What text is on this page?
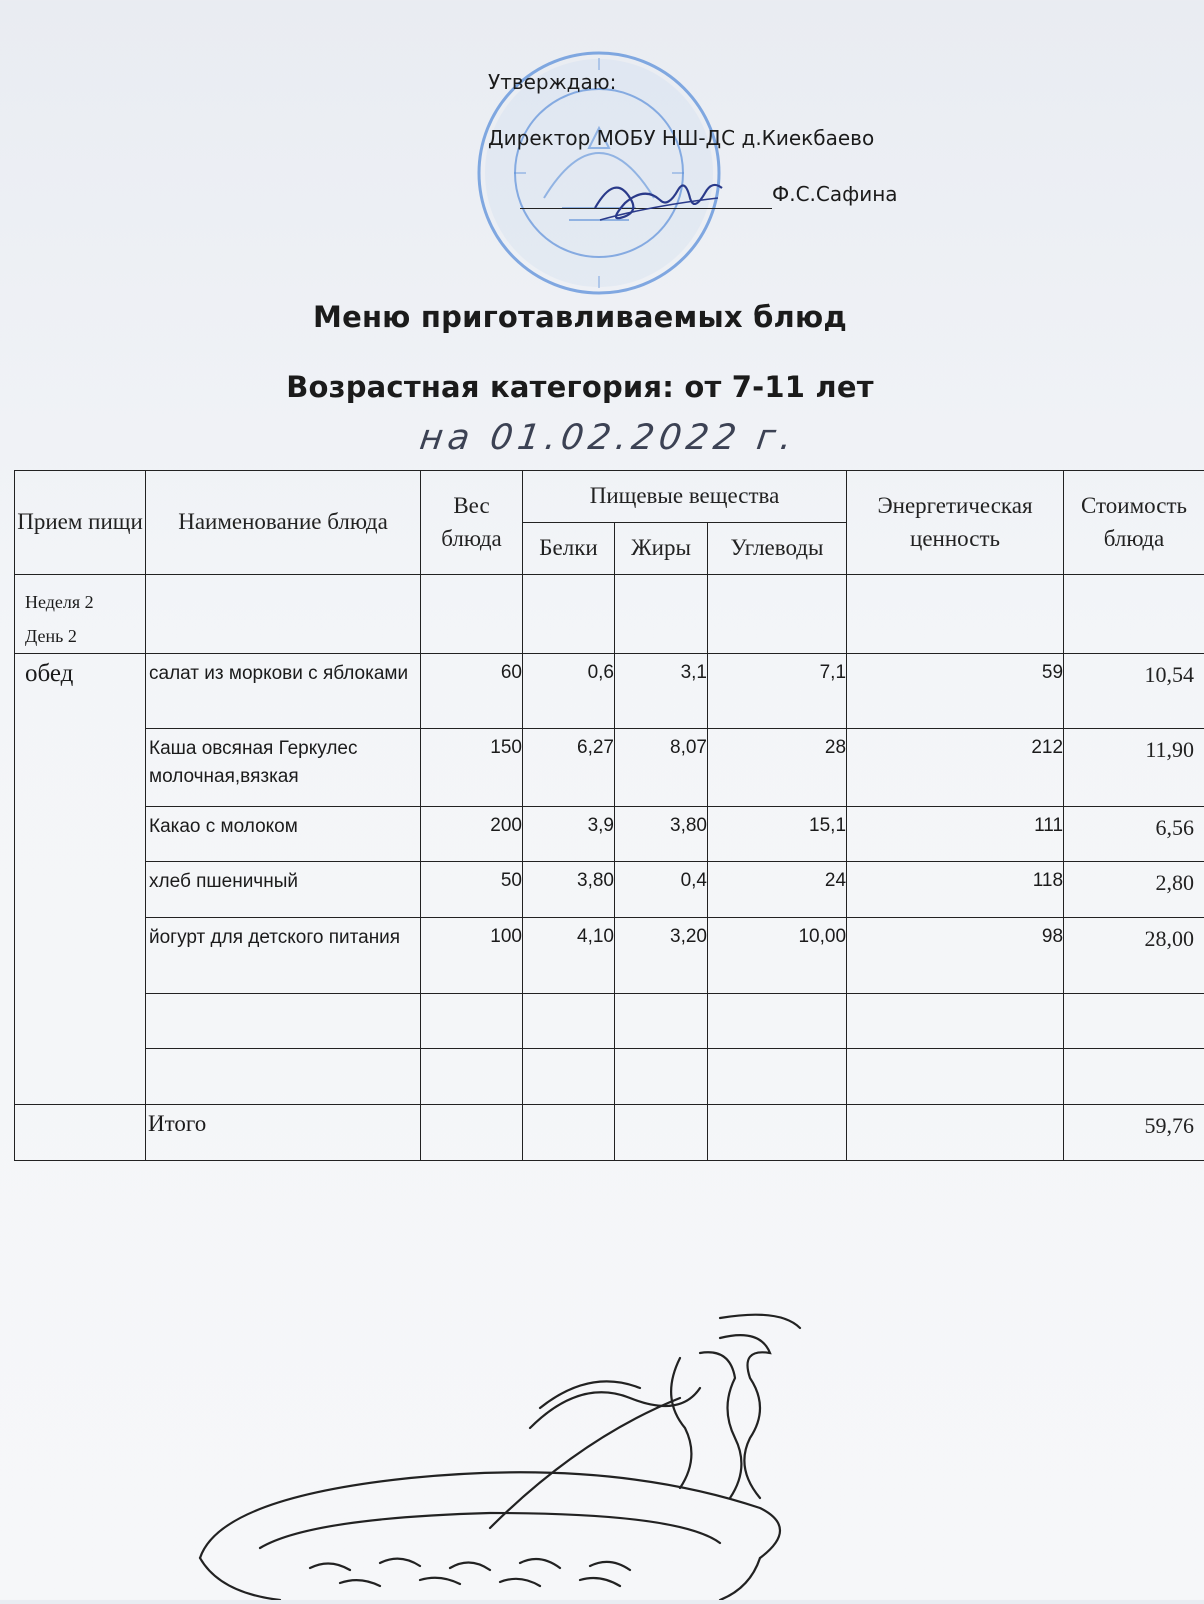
Утверждаю:
Директор МОБУ НШ-ДС д.Киекбаево
Ф.С.Сафина
Меню приготавливаемых блюд
Возрастная категория: от 7-11 лет

на 01.02.2022 г.

Прием пищи	Наименование блюда	Вес блюда	Пищевые вещества			Энергетическая ценность	Стоимость блюда
			Белки	Жиры	Углеводы		

Неделя 2
День 2							

обед	салат из моркови с яблоками	60	0,6	3,1	7,1	59	10,54
	Каша овсяная Геркулес молочная,вязкая	150	6,27	8,07	28	212	11,90
	Какао с молоком	200	3,9	3,80	15,1	111	6,56
	хлеб пшеничный	50	3,80	0,4	24	118	2,80
	йогурт для детского питания	100	4,10	3,20	10,00	98	28,00

	Итого						59,76
